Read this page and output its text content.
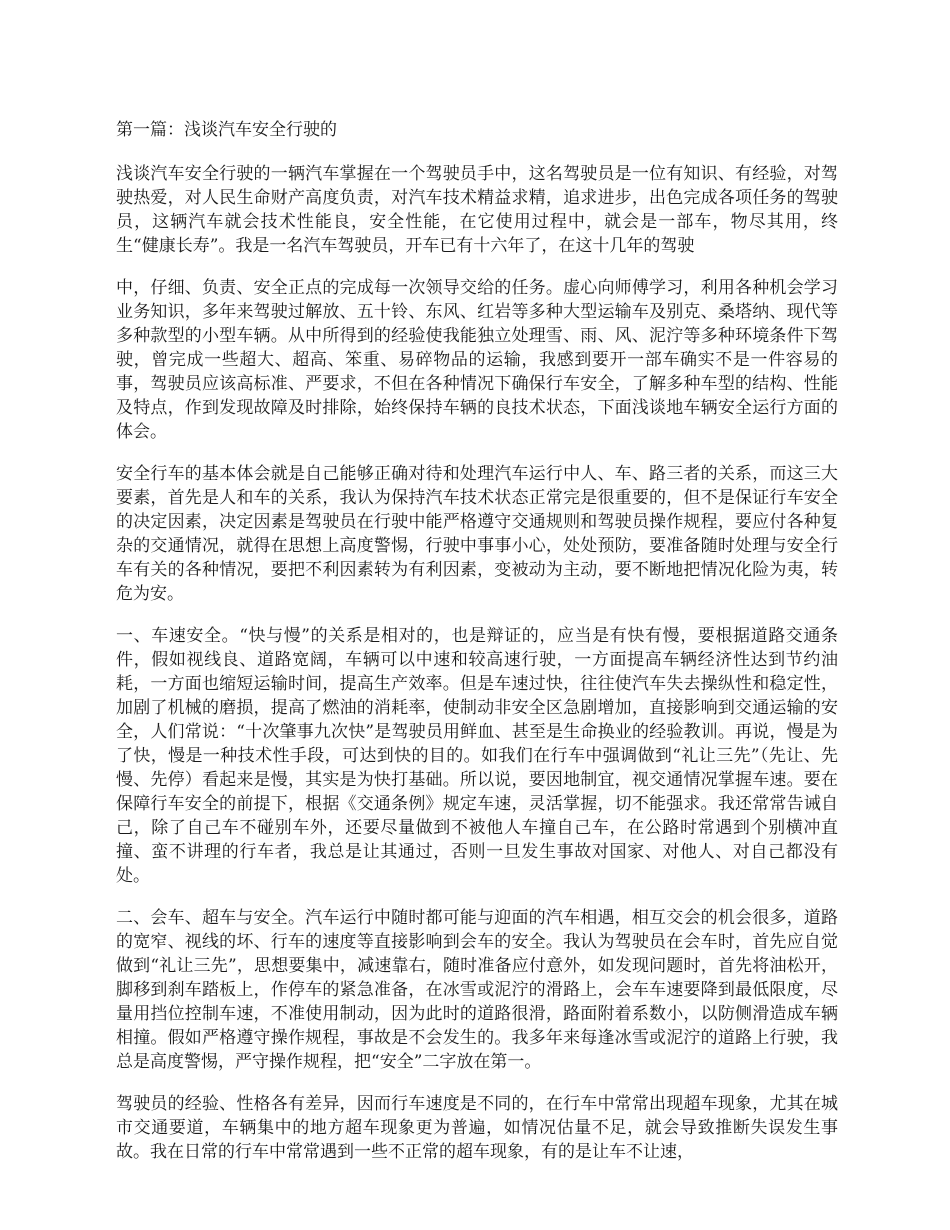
第一篇：浅谈汽车安全行驶的

浅谈汽车安全行驶的一辆汽车掌握在一个驾驶员手中，这名驾驶员是一位有知识、有经验，对驾驶热爱，对人民生命财产高度负责，对汽车技术精益求精，追求进步，出色完成各项任务的驾驶员，这辆汽车就会技术性能良，安全性能，在它使用过程中，就会是一部车，物尽其用，终生“健康长寿”。我是一名汽车驾驶员，开车已有十六年了，在这十几年的驾驶

中，仔细、负责、安全正点的完成每一次领导交给的任务。虚心向师傅学习，利用各种机会学习业务知识，多年来驾驶过解放、五十铃、东风、红岩等多种大型运输车及别克、桑塔纳、现代等多种款型的小型车辆。从中所得到的经验使我能独立处理雪、雨、风、泥泞等多种环境条件下驾驶，曾完成一些超大、超高、笨重、易碎物品的运输，我感到要开一部车确实不是一件容易的事，驾驶员应该高标准、严要求，不但在各种情况下确保行车安全，了解多种车型的结构、性能及特点，作到发现故障及时排除，始终保持车辆的良技术状态，下面浅谈地车辆安全运行方面的体会。

安全行车的基本体会就是自己能够正确对待和处理汽车运行中人、车、路三者的关系，而这三大要素，首先是人和车的关系，我认为保持汽车技术状态正常完是很重要的，但不是保证行车安全的决定因素，决定因素是驾驶员在行驶中能严格遵守交通规则和驾驶员操作规程，要应付各种复杂的交通情况，就得在思想上高度警惕，行驶中事事小心，处处预防，要准备随时处理与安全行车有关的各种情况，要把不利因素转为有利因素，变被动为主动，要不断地把情况化险为夷，转危为安。

一、车速安全。“快与慢”的关系是相对的，也是辩证的，应当是有快有慢，要根据道路交通条件，假如视线良、道路宽阔，车辆可以中速和较高速行驶，一方面提高车辆经济性达到节约油耗，一方面也缩短运输时间，提高生产效率。但是车速过快，往往使汽车失去操纵性和稳定性，加剧了机械的磨损，提高了燃油的消耗率，使制动非安全区急剧增加，直接影响到交通运输的安全，人们常说：“十次肇事九次快”是驾驶员用鲜血、甚至是生命换业的经验教训。再说，慢是为了快，慢是一种技术性手段，可达到快的目的。如我们在行车中强调做到“礼让三先”（先让、先慢、先停）看起来是慢，其实是为快打基础。所以说，要因地制宜，视交通情况掌握车速。要在保障行车安全的前提下，根据《交通条例》规定车速，灵活掌握，切不能强求。我还常常告诫自己，除了自己车不碰别车外，还要尽量做到不被他人车撞自己车，在公路时常遇到个别横冲直撞、蛮不讲理的行车者，我总是让其通过，否则一旦发生事故对国家、对他人、对自己都没有处。

二、会车、超车与安全。汽车运行中随时都可能与迎面的汽车相遇，相互交会的机会很多，道路的宽窄、视线的坏、行车的速度等直接影响到会车的安全。我认为驾驶员在会车时，首先应自觉做到“礼让三先”，思想要集中，减速靠右，随时准备应付意外，如发现问题时，首先将油松开，脚移到刹车踏板上，作停车的紧急准备，在冰雪或泥泞的滑路上，会车车速要降到最低限度，尽量用挡位控制车速，不准使用制动，因为此时的道路很滑，路面附着系数小，以防侧滑造成车辆相撞。假如严格遵守操作规程，事故是不会发生的。我多年来每逢冰雪或泥泞的道路上行驶，我总是高度警惕，严守操作规程，把“安全”二字放在第一。

驾驶员的经验、性格各有差异，因而行车速度是不同的，在行车中常常出现超车现象，尤其在城市交通要道，车辆集中的地方超车现象更为普遍，如情况估量不足，就会导致推断失误发生事故。我在日常的行车中常常遇到一些不正常的超车现象，有的是让车不让速，
